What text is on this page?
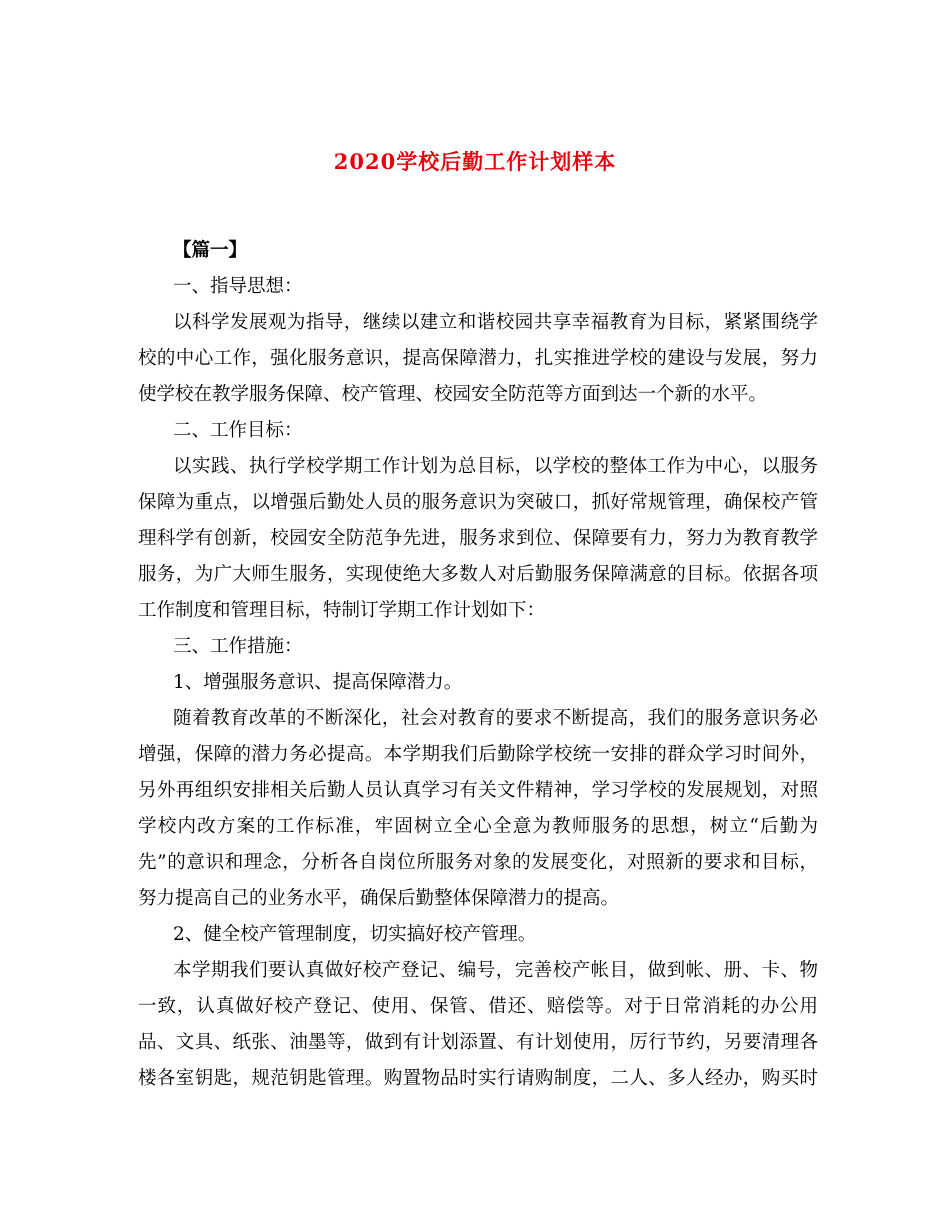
2020学校后勤工作计划样本
【篇一】
一、指导思想：
以科学发展观为指导，继续以建立和谐校园共享幸福教育为目标，紧紧围绕学
校的中心工作，强化服务意识，提高保障潜力，扎实推进学校的建设与发展，努力
使学校在教学服务保障、校产管理、校园安全防范等方面到达一个新的水平。
二、工作目标：
以实践、执行学校学期工作计划为总目标，以学校的整体工作为中心，以服务
保障为重点，以增强后勤处人员的服务意识为突破口，抓好常规管理，确保校产管
理科学有创新，校园安全防范争先进，服务求到位、保障要有力，努力为教育教学
服务，为广大师生服务，实现使绝大多数人对后勤服务保障满意的目标。依据各项
工作制度和管理目标，特制订学期工作计划如下：
三、工作措施：
1、增强服务意识、提高保障潜力。
随着教育改革的不断深化，社会对教育的要求不断提高，我们的服务意识务必
增强，保障的潜力务必提高。本学期我们后勤除学校统一安排的群众学习时间外，
另外再组织安排相关后勤人员认真学习有关文件精神，学习学校的发展规划，对照
学校内改方案的工作标准，牢固树立全心全意为教师服务的思想，树立“后勤为
先”的意识和理念，分析各自岗位所服务对象的发展变化，对照新的要求和目标，
努力提高自己的业务水平，确保后勤整体保障潜力的提高。
2、健全校产管理制度，切实搞好校产管理。
本学期我们要认真做好校产登记、编号，完善校产帐目，做到帐、册、卡、物
一致，认真做好校产登记、使用、保管、借还、赔偿等。对于日常消耗的办公用
品、文具、纸张、油墨等，做到有计划添置、有计划使用，厉行节约，另要清理各
楼各室钥匙，规范钥匙管理。购置物品时实行请购制度，二人、多人经办，购买时
